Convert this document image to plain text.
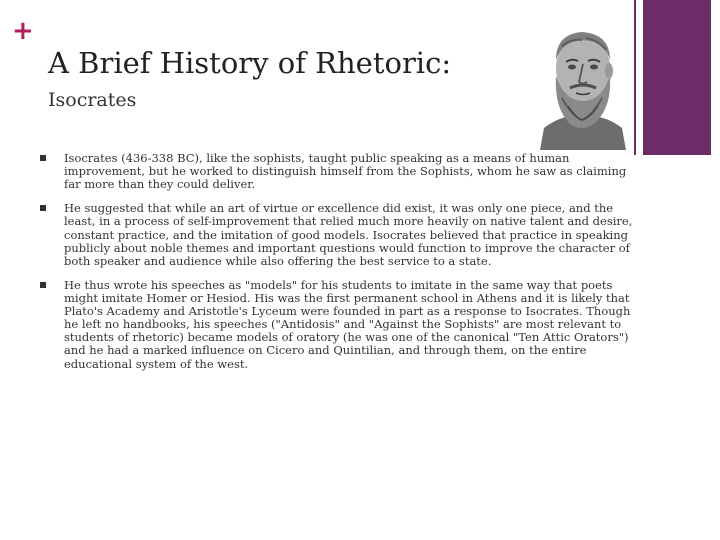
+
A Brief History of Rhetoric:
Isocrates
Isocrates (436-338 BC), like the sophists, taught public speaking as a means of human improvement, but he worked to distinguish himself from the Sophists, whom he saw as claiming far more than they could deliver.
He suggested that while an art of virtue or excellence did exist, it was only one piece, and the least, in a process of self-improvement that relied much more heavily on native talent and desire, constant practice, and the imitation of good models. Isocrates believed that practice in speaking publicly about noble themes and important questions would function to improve the character of both speaker and audience while also offering the best service to a state.
He thus wrote his speeches as "models" for his students to imitate in the same way that poets might imitate Homer or Hesiod. His was the first permanent school in Athens and it is likely that Plato's Academy and Aristotle's Lyceum were founded in part as a response to Isocrates. Though he left no handbooks, his speeches ("Antidosis" and "Against the Sophists" are most relevant to students of rhetoric) became models of oratory (he was one of the canonical "Ten Attic Orators") and he had a marked influence on Cicero and Quintilian, and through them, on the entire educational system of the west.
